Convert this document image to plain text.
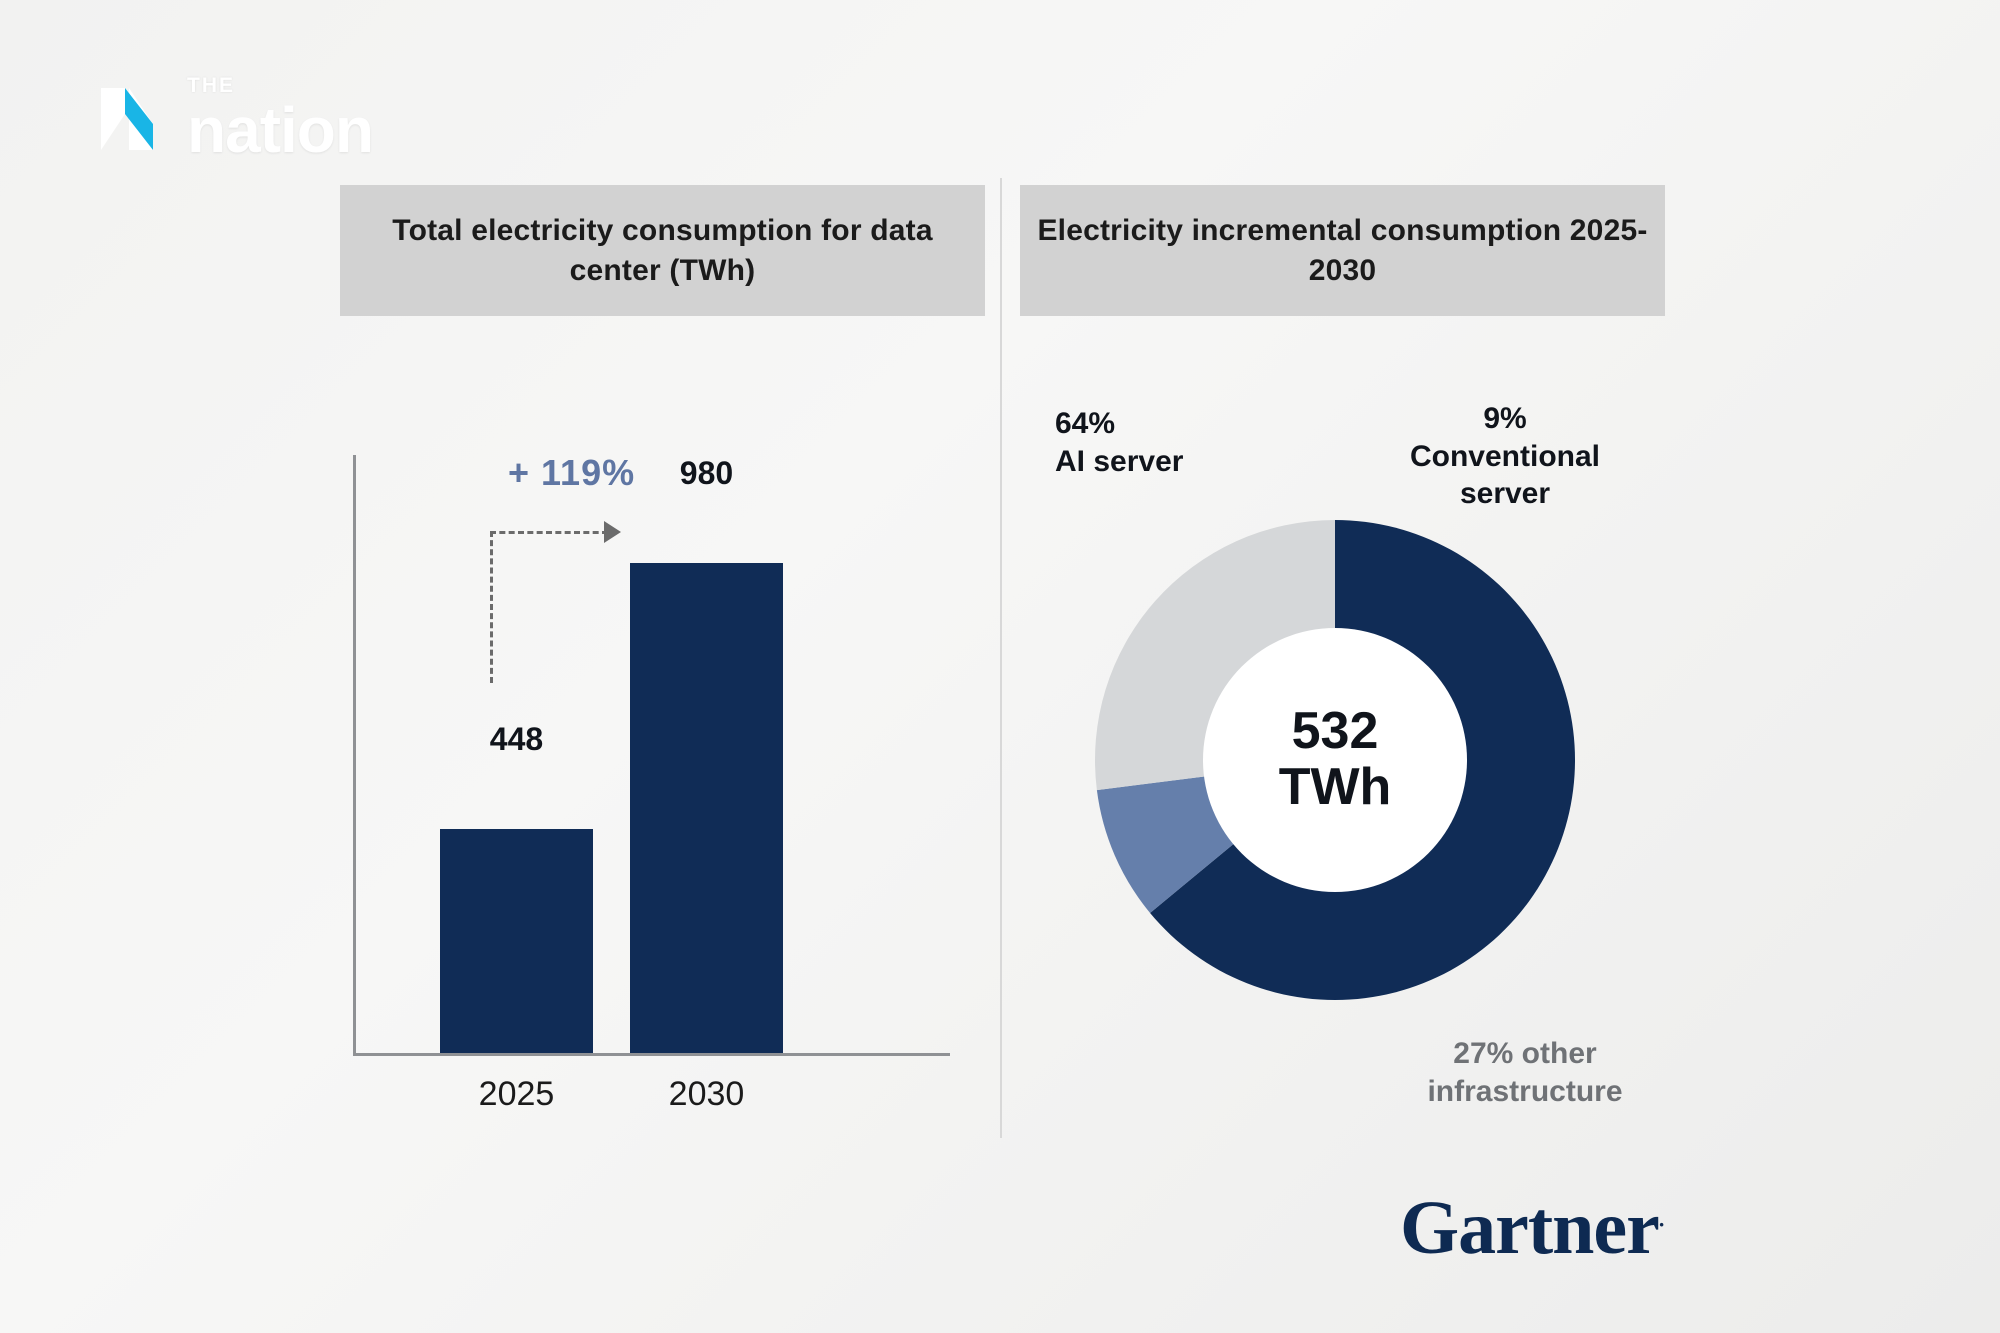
THE
nation
Total electricity consumption for data center (TWh)
Electricity incremental consumption 2025-2030
448
980
2025	2030
+ 119%
532
TWh
64%
AI server
9%
Conventional server
27% other
infrastructure
Gartner.
